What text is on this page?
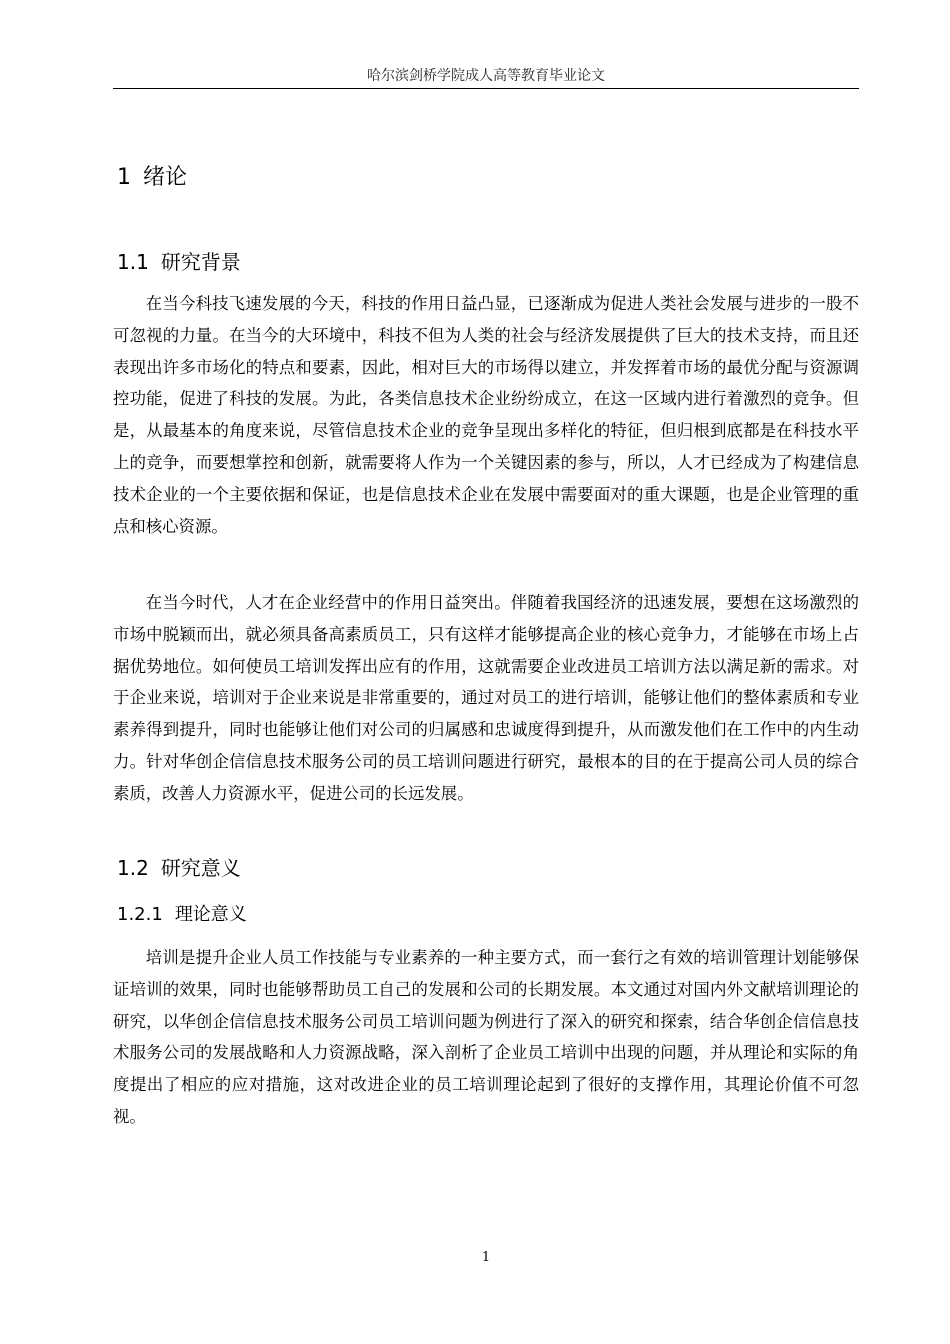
哈尔滨剑桥学院成人高等教育毕业论文
1 绪论
1.1 研究背景

在当今科技飞速发展的今天，科技的作用日益凸显，已逐渐成为促进人类社会发展与进步的一股不可忽视的力量。在当今的大环境中，科技不但为人类的社会与经济发展提供了巨大的技术支持，而且还表现出许多市场化的特点和要素，因此，相对巨大的市场得以建立，并发挥着市场的最优分配与资源调控功能，促进了科技的发展。为此，各类信息技术企业纷纷成立，在这一区域内进行着激烈的竞争。但是，从最基本的角度来说，尽管信息技术企业的竞争呈现出多样化的特征，但归根到底都是在科技水平上的竞争，而要想掌控和创新，就需要将人作为一个关键因素的参与，所以，人才已经成为了构建信息技术企业的一个主要依据和保证，也是信息技术企业在发展中需要面对的重大课题，也是企业管理的重点和核心资源。

在当今时代，人才在企业经营中的作用日益突出。伴随着我国经济的迅速发展，要想在这场激烈的市场中脱颖而出，就必须具备高素质员工，只有这样才能够提高企业的核心竞争力，才能够在市场上占据优势地位。如何使员工培训发挥出应有的作用，这就需要企业改进员工培训方法以满足新的需求。对于企业来说，培训对于企业来说是非常重要的，通过对员工的进行培训，能够让他们的整体素质和专业素养得到提升，同时也能够让他们对公司的归属感和忠诚度得到提升，从而激发他们在工作中的内生动力。针对华创企信信息技术服务公司的员工培训问题进行研究，最根本的目的在于提高公司人员的综合素质，改善人力资源水平，促进公司的长远发展。

1.2 研究意义
1.2.1 理论意义

培训是提升企业人员工作技能与专业素养的一种主要方式，而一套行之有效的培训管理计划能够保证培训的效果，同时也能够帮助员工自己的发展和公司的长期发展。本文通过对国内外文献培训理论的研究，以华创企信信息技术服务公司员工培训问题为例进行了深入的研究和探索，结合华创企信信息技术服务公司的发展战略和人力资源战略，深入剖析了企业员工培训中出现的问题，并从理论和实际的角度提出了相应的应对措施，这对改进企业的员工培训理论起到了很好的支撑作用，其理论价值不可忽视。

1
